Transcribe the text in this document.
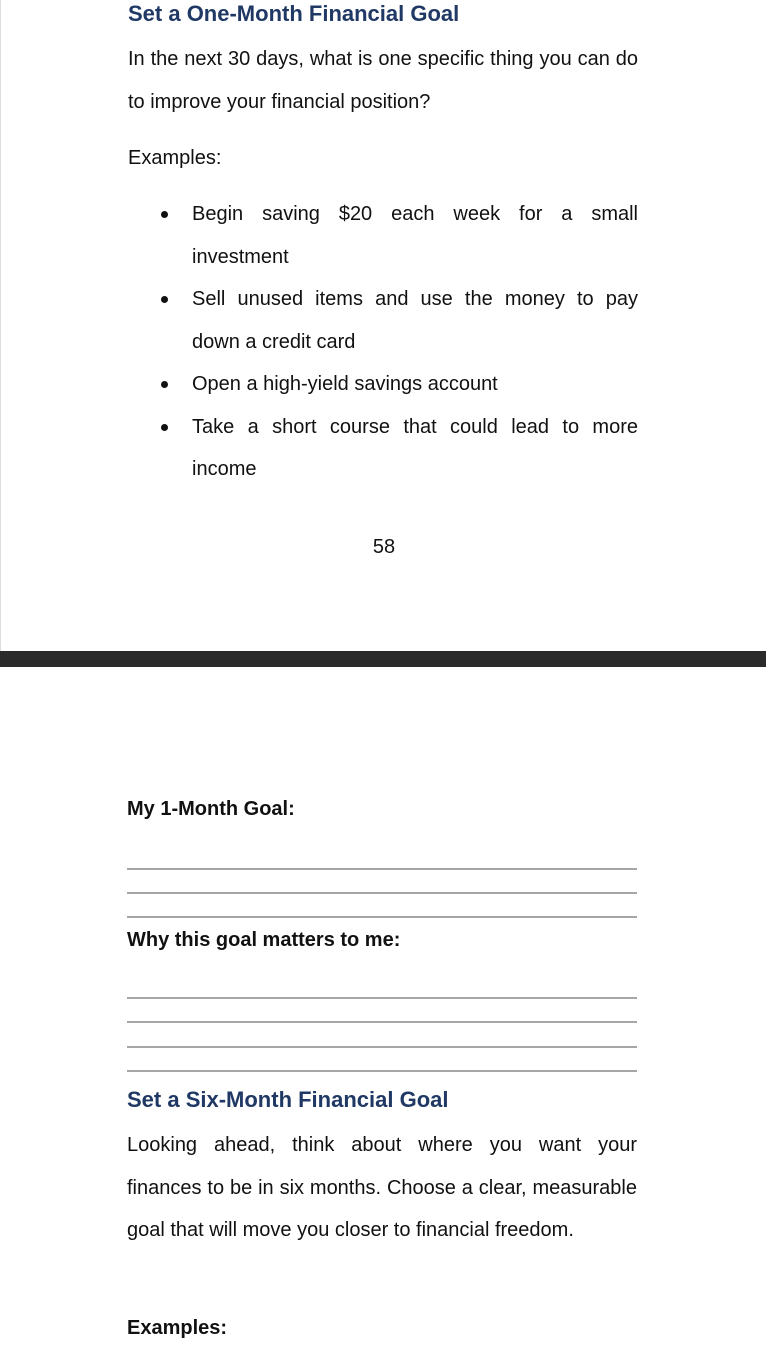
Set a One-Month Financial Goal

In the next 30 days, what is one specific thing you can do to improve your financial position?

Examples:

Begin saving $20 each week for a small investment
Sell unused items and use the money to pay down a credit card
Open a high-yield savings account
Take a short course that could lead to more income

58

My 1-Month Goal:

Why this goal matters to me:

Set a Six-Month Financial Goal

Looking ahead, think about where you want your finances to be in six months. Choose a clear, measurable goal that will move you closer to financial freedom.

Examples:
